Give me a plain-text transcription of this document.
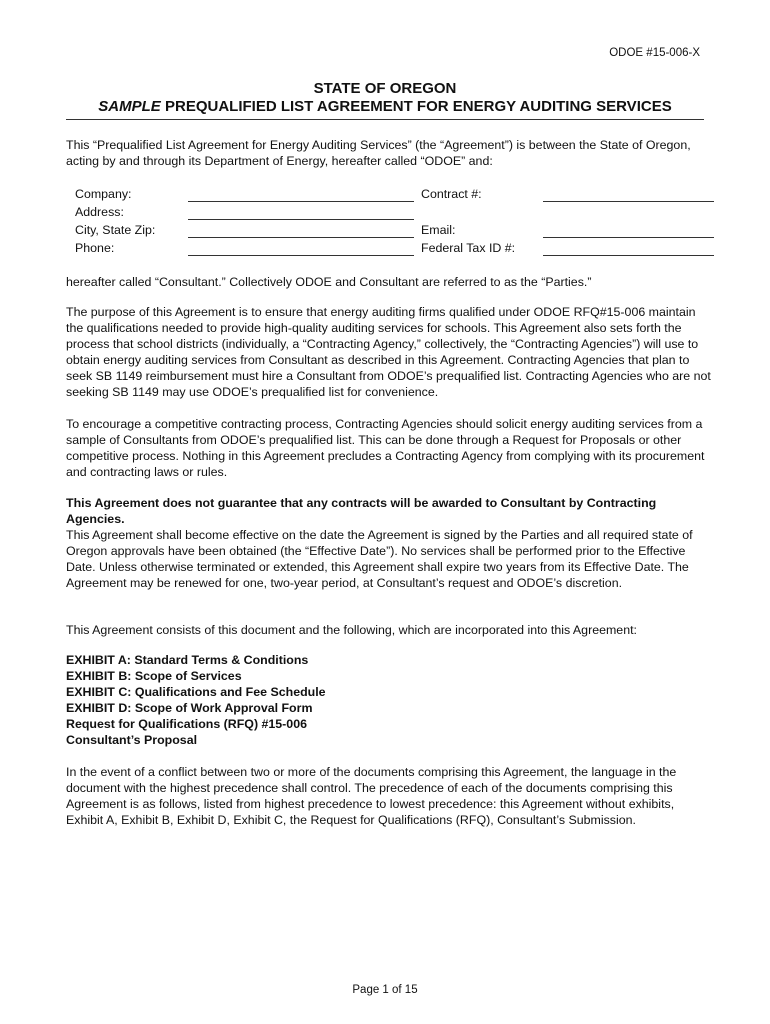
ODOE #15-006-X
STATE OF OREGON
SAMPLE PREQUALIFIED LIST AGREEMENT FOR ENERGY AUDITING SERVICES
This “Prequalified List Agreement for Energy Auditing Services” (the “Agreement”) is between the State of Oregon, acting by and through its Department of Energy, hereafter called “ODOE” and:
Company:	Contract #:
Address:
City, State Zip:	Email:
Phone:	Federal Tax ID #:
hereafter called “Consultant.” Collectively ODOE and Consultant are referred to as the “Parties.”
The purpose of this Agreement is to ensure that energy auditing firms qualified under ODOE RFQ#15-006 maintain the qualifications needed to provide high-quality auditing services for schools. This Agreement also sets forth the process that school districts (individually, a “Contracting Agency,” collectively, the “Contracting Agencies”) will use to obtain energy auditing services from Consultant as described in this Agreement. Contracting Agencies that plan to seek SB 1149 reimbursement must hire a Consultant from ODOE’s prequalified list. Contracting Agencies who are not seeking SB 1149 may use ODOE’s prequalified list for convenience.
To encourage a competitive contracting process, Contracting Agencies should solicit energy auditing services from a sample of Consultants from ODOE’s prequalified list. This can be done through a Request for Proposals or other competitive process. Nothing in this Agreement precludes a Contracting Agency from complying with its procurement and contracting laws or rules.
This Agreement does not guarantee that any contracts will be awarded to Consultant by Contracting Agencies.
This Agreement shall become effective on the date the Agreement is signed by the Parties and all required state of Oregon approvals have been obtained (the “Effective Date”). No services shall be performed prior to the Effective Date. Unless otherwise terminated or extended, this Agreement shall expire two years from its Effective Date. The Agreement may be renewed for one, two-year period, at Consultant’s request and ODOE’s discretion.
This Agreement consists of this document and the following, which are incorporated into this Agreement:
EXHIBIT A: Standard Terms & Conditions
EXHIBIT B: Scope of Services
EXHIBIT C: Qualifications and Fee Schedule
EXHIBIT D: Scope of Work Approval Form
Request for Qualifications (RFQ) #15-006
Consultant’s Proposal
In the event of a conflict between two or more of the documents comprising this Agreement, the language in the document with the highest precedence shall control. The precedence of each of the documents comprising this Agreement is as follows, listed from highest precedence to lowest precedence: this Agreement without exhibits, Exhibit A, Exhibit B, Exhibit D, Exhibit C, the Request for Qualifications (RFQ), Consultant’s Submission.
Page 1 of 15
